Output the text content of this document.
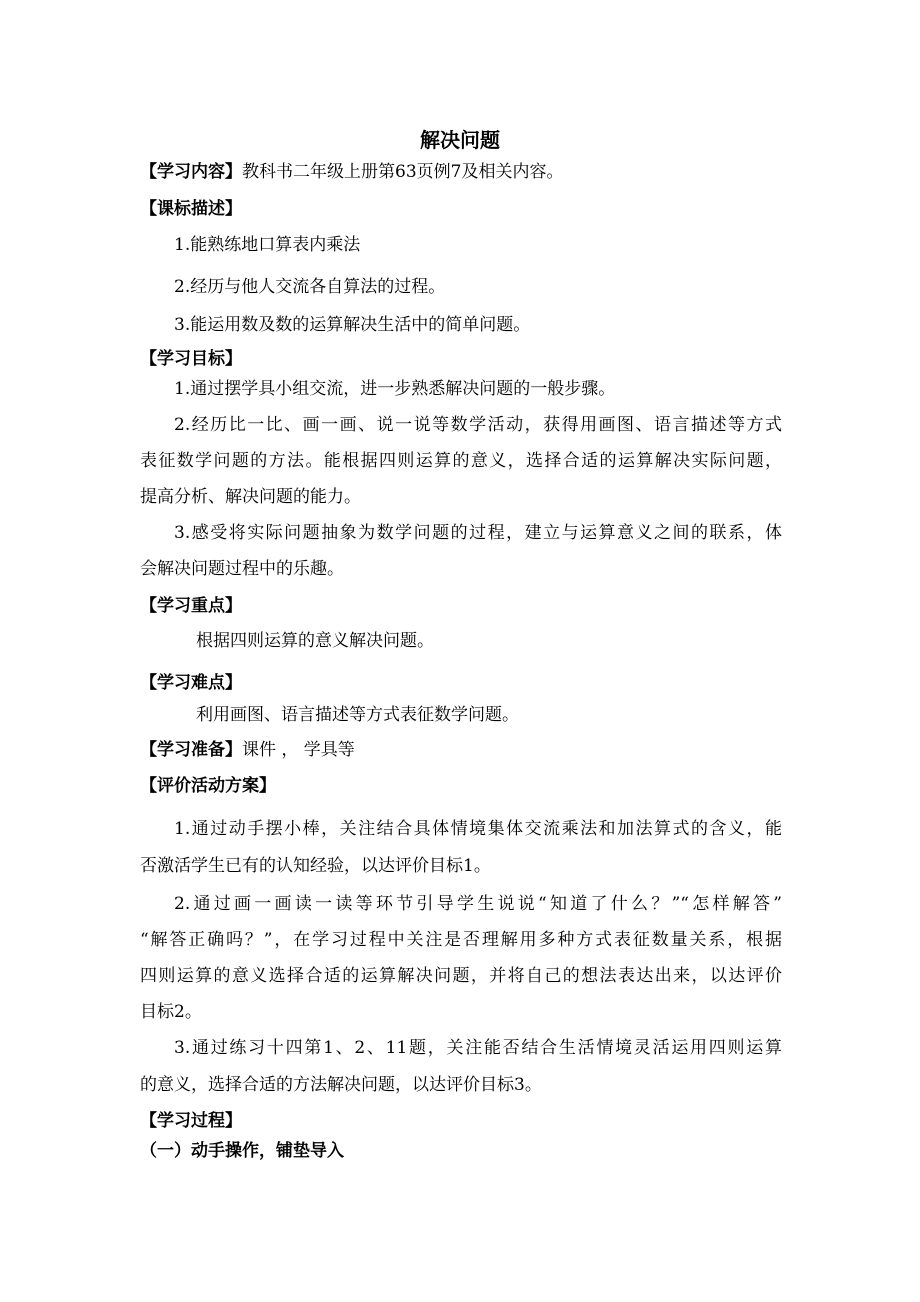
解决问题
【学习内容】教科书二年级上册第63页例7及相关内容。
【课标描述】
1.能熟练地口算表内乘法
2.经历与他人交流各自算法的过程。
3.能运用数及数的运算解决生活中的简单问题。
【学习目标】
1.通过摆学具小组交流，进一步熟悉解决问题的一般步骤。
2.经历比一比、画一画、说一说等数学活动，获得用画图、语言描述等方式
表征数学问题的方法。能根据四则运算的意义，选择合适的运算解决实际问题，
提高分析、解决问题的能力。
3.感受将实际问题抽象为数学问题的过程，建立与运算意义之间的联系，体
会解决问题过程中的乐趣。
【学习重点】
根据四则运算的意义解决问题。
【学习难点】
利用画图、语言描述等方式表征数学问题。
【学习准备】课件 ， 学具等
【评价活动方案】
1.通过动手摆小棒，关注结合具体情境集体交流乘法和加法算式的含义，能
否激活学生已有的认知经验，以达评价目标1。
2.通过画一画读一读等环节引导学生说说“知道了什么？”“怎样解答”
“解答正确吗？”，在学习过程中关注是否理解用多种方式表征数量关系，根据
四则运算的意义选择合适的运算解决问题，并将自己的想法表达出来，以达评价
目标2。
3.通过练习十四第1、2、11题，关注能否结合生活情境灵活运用四则运算
的意义，选择合适的方法解决问题，以达评价目标3。
【学习过程】
（一）动手操作，铺垫导入
